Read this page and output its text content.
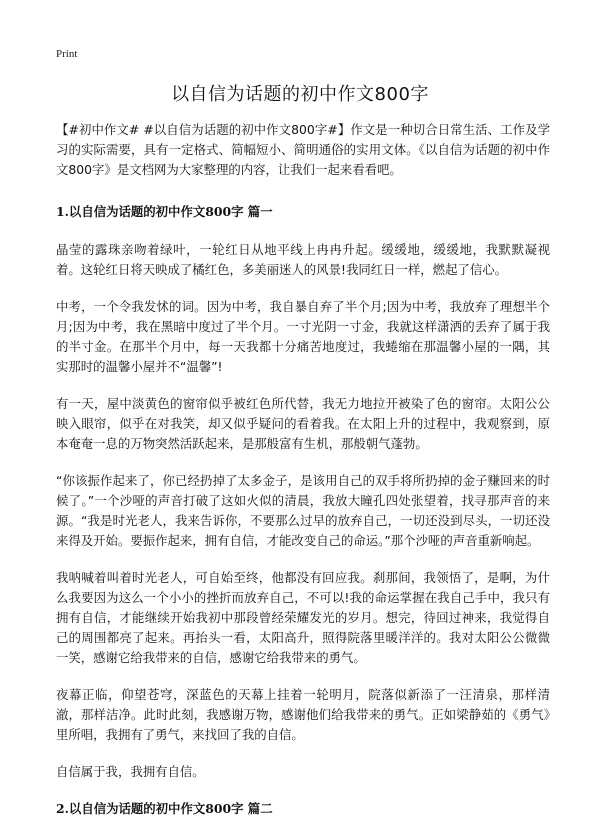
Print
以自信为话题的初中作文800字

【#初中作文# #以自信为话题的初中作文800字#】作文是一种切合日常生活、工作及学习的实际需要，具有一定格式、简幅短小、简明通俗的实用文体。《以自信为话题的初中作文800字》是文档网为大家整理的内容，让我们一起来看看吧。

1.以自信为话题的初中作文800字 篇一

晶莹的露珠亲吻着绿叶，一轮红日从地平线上冉冉升起。缓缓地，缓缓地，我默默凝视着。这轮红日将天映成了橘红色，多美丽迷人的风景!我同红日一样，燃起了信心。

中考，一个令我发怵的词。因为中考，我自暴自弃了半个月;因为中考，我放弃了理想半个月;因为中考，我在黑暗中度过了半个月。一寸光阴一寸金，我就这样潇洒的丢弃了属于我的半寸金。在那半个月中，每一天我都十分痛苦地度过，我蜷缩在那温馨小屋的一隅，其实那时的温馨小屋并不“温馨”!

有一天，屋中淡黄色的窗帘似乎被红色所代替，我无力地拉开被染了色的窗帘。太阳公公映入眼帘，似乎在对我笑，却又似乎疑问的看着我。在太阳上升的过程中，我观察到，原本奄奄一息的万物突然活跃起来，是那般富有生机，那般朝气蓬勃。

“你该振作起来了，你已经扔掉了太多金子，是该用自己的双手将所扔掉的金子赚回来的时候了。”一个沙哑的声音打破了这如火似的清晨，我放大瞳孔四处张望着，找寻那声音的来源。“我是时光老人，我来告诉你，不要那么过早的放弃自己，一切还没到尽头，一切还没来得及开始。要振作起来，拥有自信，才能改变自己的命运。”那个沙哑的声音重新响起。

我呐喊着叫着时光老人，可自始至终，他都没有回应我。刹那间，我领悟了，是啊，为什么我要因为这么一个小小的挫折而放弃自己，不可以!我的命运掌握在我自己手中，我只有拥有自信，才能继续开始我初中那段曾经荣耀发光的岁月。想完，待回过神来，我觉得自己的周围都亮了起来。再抬头一看，太阳高升，照得院落里暖洋洋的。我对太阳公公微微一笑，感谢它给我带来的自信，感谢它给我带来的勇气。

夜幕正临，仰望苍穹，深蓝色的天幕上挂着一轮明月，院落似新添了一汪清泉，那样清澈，那样洁净。此时此刻，我感谢万物，感谢他们给我带来的勇气。正如梁静茹的《勇气》里所唱，我拥有了勇气，来找回了我的自信。

自信属于我，我拥有自信。

2.以自信为话题的初中作文800字 篇二
